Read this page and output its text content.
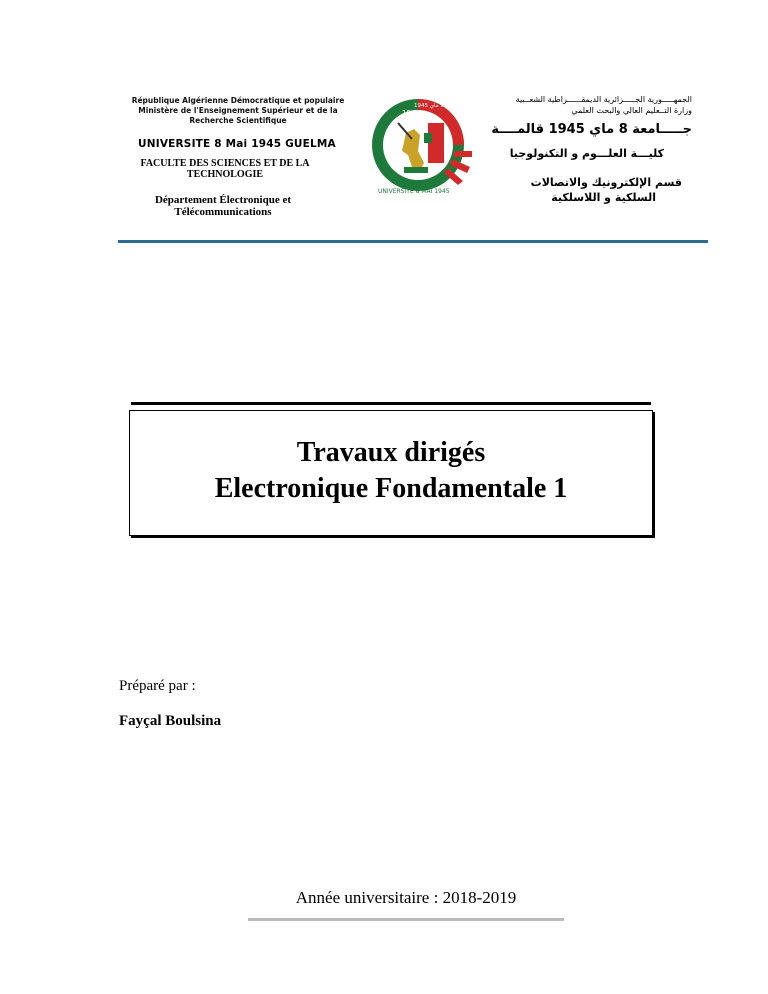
République Algérienne Démocratique et populaire
Ministère de l'Enseignement Supérieur et de la
Recherche Scientifique
UNIVERSITE 8 Mai 1945 GUELMA
FACULTE DES SCIENCES ET DE LA
TECHNOLOGIE
Département Électronique et
Télécommunications
1945
جامعة 8 ماي 1945
UNIVERSITE 8 MAI 1945
الجمهـــــورية الجـــــزائرية الديمقــــــراطية الشعــبية
وزارة التــعليم العالي والبحث العلمي
جـــــامعة 8 ماي 1945 قالمــــة
كليـــة العلـــوم و التكنولوجيا
قسم الإلكترونيك والاتصالات
السلكية و اللاسلكية
Travaux dirigés
Electronique Fondamentale 1
Préparé par :
Fayçal Boulsina
Année universitaire : 2018-2019
